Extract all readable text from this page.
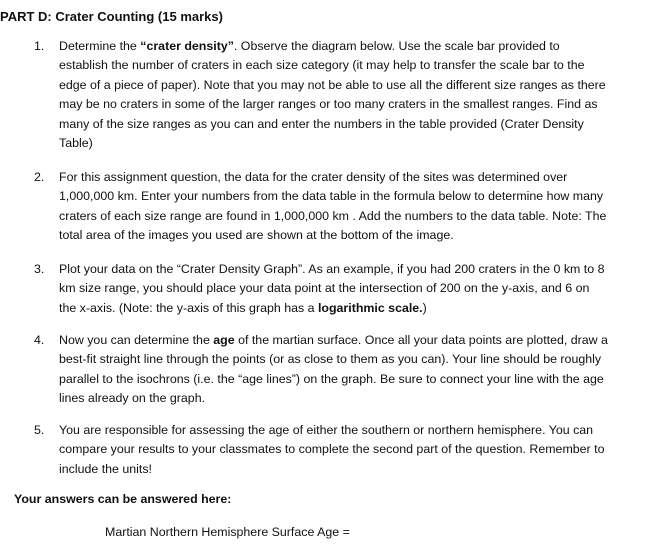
PART D: Crater Counting (15 marks)
1.	Determine the “crater density”. Observe the diagram below. Use the scale bar provided to establish the number of craters in each size category (it may help to transfer the scale bar to the edge of a piece of paper). Note that you may not be able to use all the different size ranges as there may be no craters in some of the larger ranges or too many craters in the smallest ranges. Find as many of the size ranges as you can and enter the numbers in the table provided (Crater Density Table)
2.	For this assignment question, the data for the crater density of the sites was determined over 1,000,000 km. Enter your numbers from the data table in the formula below to determine how many craters of each size range are found in 1,000,000 km . Add the numbers to the data table. Note: The total area of the images you used are shown at the bottom of the image.
3.	Plot your data on the “Crater Density Graph”. As an example, if you had 200 craters in the 0 km to 8 km size range, you should place your data point at the intersection of 200 on the y-axis, and 6 on the x-axis. (Note: the y-axis of this graph has a logarithmic scale.)
4.	Now you can determine the age of the martian surface. Once all your data points are plotted, draw a best-fit straight line through the points (or as close to them as you can). Your line should be roughly parallel to the isochrons (i.e. the “age lines”) on the graph. Be sure to connect your line with the age lines already on the graph.
5.	You are responsible for assessing the age of either the southern or northern hemisphere. You can compare your results to your classmates to complete the second part of the question. Remember to include the units!
Your answers can be answered here:
Martian Northern Hemisphere Surface Age =
